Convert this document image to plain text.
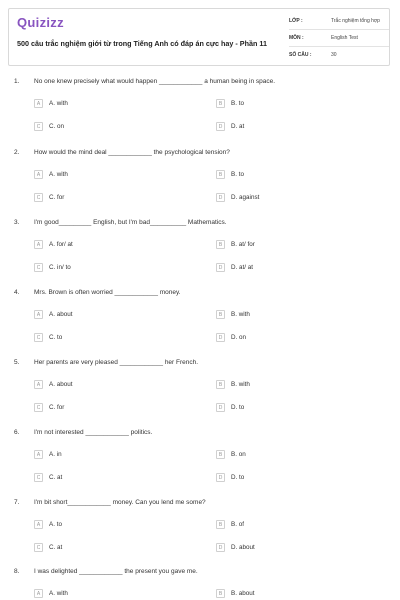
Quizizz
500 câu trắc nghiệm giới từ trong Tiếng Anh có đáp án cực hay - Phần 11
LỚP :	Trắc nghiệm tổng hợp
MÔN :	English Test
SỐ CÂU :	30
1. No one knew precisely what would happen ____________ a human being in space.
A	A. with	B	B. to
C	C. on	D	D. at
2. How would the mind deal ____________ the psychological tension?
A	A. with	B	B. to
C	C. for	D	D. against
3. I'm good_________ English, but I'm bad__________ Mathematics.
A	A. for/ at	B	B. at/ for
C	C. in/ to	D	D. at/ at
4. Mrs. Brown is often worried ____________ money.
A	A. about	B	B. with
C	C. to	D	D. on
5. Her parents are very pleased ____________ her French.
A	A. about	B	B. with
C	C. for	D	D. to
6. I'm not interested ____________ politics.
A	A. in	B	B. on
C	C. at	D	D. to
7. I'm bit short____________ money. Can you lend me some?
A	A. to	B	B. of
C	C. at	D	D. about
8. I was delighted ____________ the present you gave me.
A	A. with	B	B. about
